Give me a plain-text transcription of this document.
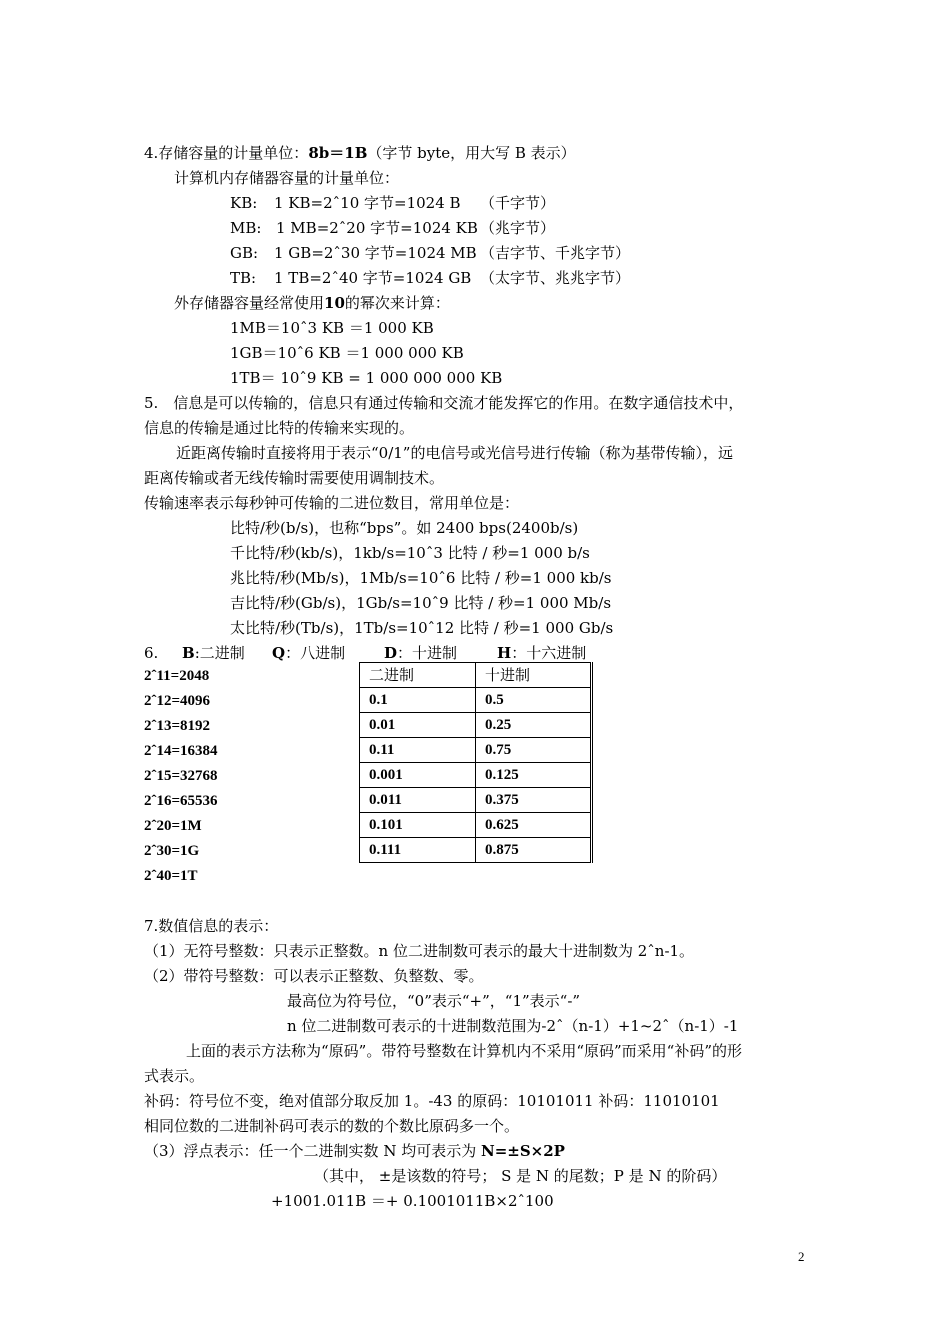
4.存储容量的计量单位：8b＝1B（字节 byte，用大写 B 表示）
计算机内存储器容量的计量单位：
KB: 1 KB=2ˆ10 字节=1024 B （千字节）
MB: 1 MB=2ˆ20 字节=1024 KB （兆字节）
GB: 1 GB=2ˆ30 字节=1024 MB （吉字节、千兆字节）
TB: 1 TB=2ˆ40 字节=1024 GB （太字节、兆兆字节）
外存储器容量经常使用10的幂次来计算：
1MB＝10ˆ3 KB ＝1 000 KB
1GB＝10ˆ6 KB ＝1 000 000 KB
1TB＝ 10ˆ9 KB = 1 000 000 000 KB
5.　信息是可以传输的，信息只有通过传输和交流才能发挥它的作用。在数字通信技术中，
信息的传输是通过比特的传输来实现的。
近距离传输时直接将用于表示“0/1”的电信号或光信号进行传输（称为基带传输），远
距离传输或者无线传输时需要使用调制技术。
传输速率表示每秒钟可传输的二进位数目，常用单位是：
比特/秒(b/s)，也称“bps”。如 2400 bps(2400b/s)
千比特/秒(kb/s)，1kb/s=10ˆ3 比特 / 秒=1 000 b/s
兆比特/秒(Mb/s)，1Mb/s=10ˆ6 比特 / 秒=1 000 kb/s
吉比特/秒(Gb/s)，1Gb/s=10ˆ9 比特 / 秒=1 000 Mb/s
太比特/秒(Tb/s)，1Tb/s=10ˆ12 比特 / 秒=1 000 Gb/s
6. B:二进制 Q：八进制	D：十进制	H：十六进制
2ˆ11=2048
2ˆ12=4096
2ˆ13=8192
2ˆ14=16384
2ˆ15=32768
2ˆ16=65536
2ˆ20=1M
2ˆ30=1G
2ˆ40=1T
二进制	十进制
0.1	0.5
0.01	0.25
0.11	0.75
0.001	0.125
0.011	0.375
0.101	0.625
0.111	0.875
7.数值信息的表示：
（1）无符号整数：只表示正整数。n 位二进制数可表示的最大十进制数为 2ˆn-1。
（2）带符号整数：可以表示正整数、负整数、零。
最高位为符号位，“0”表示“+”，“1”表示“-”
n 位二进制数可表示的十进制数范围为-2ˆ（n-1）+1~2ˆ（n-1）-1
上面的表示方法称为“原码”。带符号整数在计算机内不采用“原码”而采用“补码”的形
式表示。
补码：符号位不变，绝对值部分取反加 1。-43 的原码：10101011 补码：11010101
相同位数的二进制补码可表示的数的个数比原码多一个。
（3）浮点表示：任一个二进制实数 N 均可表示为 N=±S×2P
（其中， ±是该数的符号； S 是 N 的尾数；P 是 N 的阶码）
+1001.011B ＝+ 0.1001011B×2ˆ100
2
